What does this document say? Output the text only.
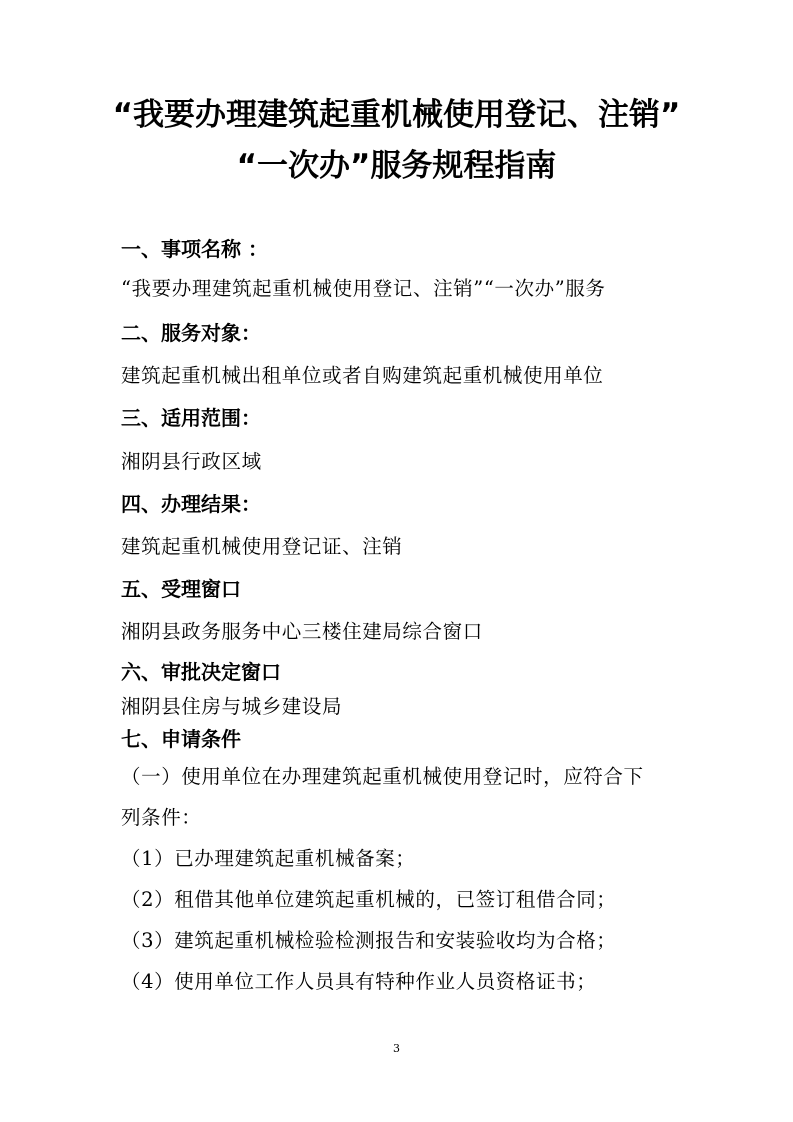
“我要办理建筑起重机械使用登记、注销”
“一次办”服务规程指南
一、事项名称 ：
“我要办理建筑起重机械使用登记、注销”“一次办”服务
二、服务对象：
建筑起重机械出租单位或者自购建筑起重机械使用单位
三、适用范围：
湘阴县行政区域
四、办理结果：
建筑起重机械使用登记证、注销
五、受理窗口
湘阴县政务服务中心三楼住建局综合窗口
六、审批决定窗口
湘阴县住房与城乡建设局
七、申请条件
（一）使用单位在办理建筑起重机械使用登记时，应符合下
列条件：
（1）已办理建筑起重机械备案；
（2）租借其他单位建筑起重机械的，已签订租借合同；
（3）建筑起重机械检验检测报告和安装验收均为合格；
（4）使用单位工作人员具有特种作业人员资格证书；
3
